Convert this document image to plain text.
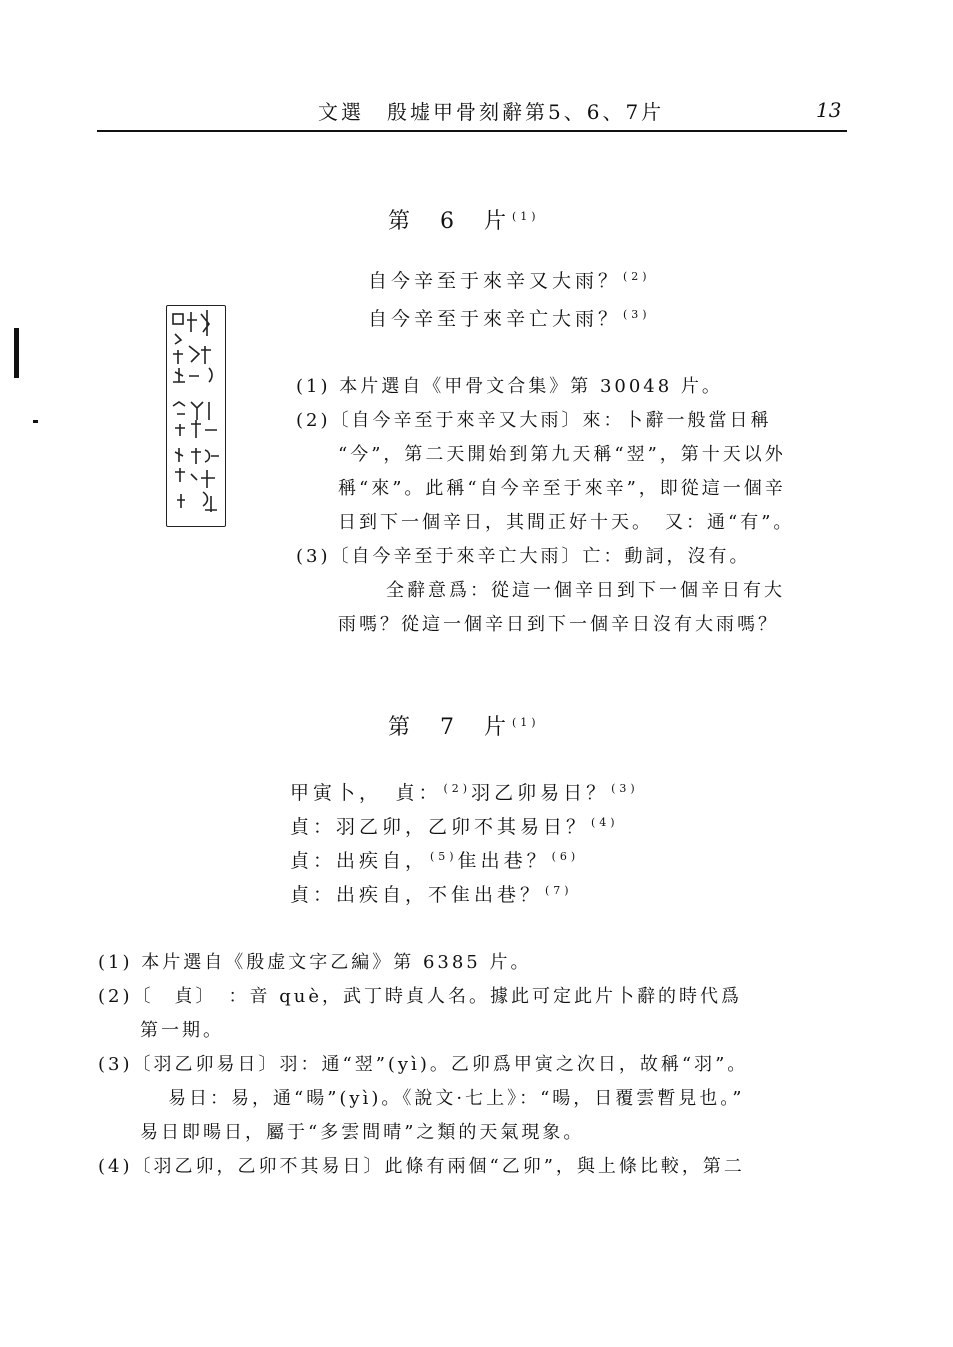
文選　殷墟甲骨刻辭第5、6、7片	13
第　6　片 $^{(1)}$
自今辛至于來辛又大雨？ $^{(2)}$
自今辛至于來辛亡大雨？ $^{(3)}$
(1) 本片選自《甲骨文合集》第 30048 片。
(2)〔自今辛至于來辛又大雨〕來：卜辭一般當日稱
“今”，第二天開始到第九天稱“翌”，第十天以外
稱“來”。此稱“自今辛至于來辛”，即從這一個辛
日到下一個辛日，其間正好十天。　又：通“有”。
(3)〔自今辛至于來辛亡大雨〕亡：動詞，沒有。
全辭意爲：從這一個辛日到下一個辛日有大
雨嗎？從這一個辛日到下一個辛日沒有大雨嗎？
第　7　片 $^{(1)}$
甲寅卜，　貞： $^{(2)}$羽乙卯易日？ $^{(3)}$
貞：羽乙卯，乙卯不其易日？ $^{(4)}$
貞：出疾自， $^{(5)}$隹出巷？ $^{(6)}$
貞：出疾自，不隹出巷？ $^{(7)}$
(1) 本片選自《殷虚文字乙編》第 6385 片。
(2)〔　貞〕　：音 què，武丁時貞人名。據此可定此片卜辭的時代爲
第一期。
(3)〔羽乙卯易日〕羽：通“翌”(yì)。乙卯爲甲寅之次日，故稱“羽”。
易日：易，通“暘”(yì)。《說文·七上》：“暘，日覆雲暫見也。”
易日即暘日，屬于“多雲間晴”之類的天氣現象。
(4)〔羽乙卯，乙卯不其易日〕此條有兩個“乙卯”，與上條比較，第二
